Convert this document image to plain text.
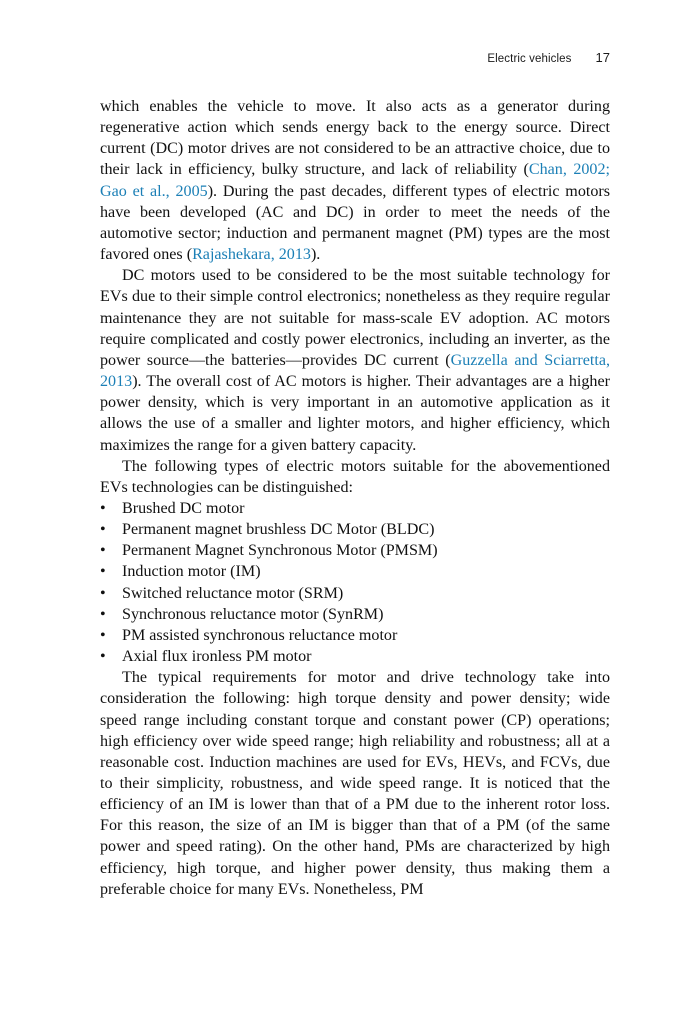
Electric vehicles 17

which enables the vehicle to move. It also acts as a generator during regenerative action which sends energy back to the energy source. Direct current (DC) motor drives are not considered to be an attractive choice, due to their lack in efficiency, bulky structure, and lack of reliability (Chan, 2002; Gao et al., 2005). During the past decades, different types of electric motors have been developed (AC and DC) in order to meet the needs of the automotive sector; induction and permanent magnet (PM) types are the most favored ones (Rajashekara, 2013).

DC motors used to be considered to be the most suitable technology for EVs due to their simple control electronics; nonetheless as they require regular maintenance they are not suitable for mass-scale EV adoption. AC motors require complicated and costly power electronics, including an inverter, as the power source—the batteries—provides DC current (Guzzella and Sciarretta, 2013). The overall cost of AC motors is higher. Their advantages are a higher power density, which is very important in an automotive application as it allows the use of a smaller and lighter motors, and higher efficiency, which maximizes the range for a given battery capacity.

The following types of electric motors suitable for the abovementioned EVs technologies can be distinguished:

• Brushed DC motor
• Permanent magnet brushless DC Motor (BLDC)
• Permanent Magnet Synchronous Motor (PMSM)
• Induction motor (IM)
• Switched reluctance motor (SRM)
• Synchronous reluctance motor (SynRM)
• PM assisted synchronous reluctance motor
• Axial flux ironless PM motor

The typical requirements for motor and drive technology take into consideration the following: high torque density and power density; wide speed range including constant torque and constant power (CP) operations; high efficiency over wide speed range; high reliability and robustness; all at a reasonable cost. Induction machines are used for EVs, HEVs, and FCVs, due to their simplicity, robustness, and wide speed range. It is noticed that the efficiency of an IM is lower than that of a PM due to the inherent rotor loss. For this reason, the size of an IM is bigger than that of a PM (of the same power and speed rating). On the other hand, PMs are characterized by high efficiency, high torque, and higher power density, thus making them a preferable choice for many EVs. Nonetheless, PM
